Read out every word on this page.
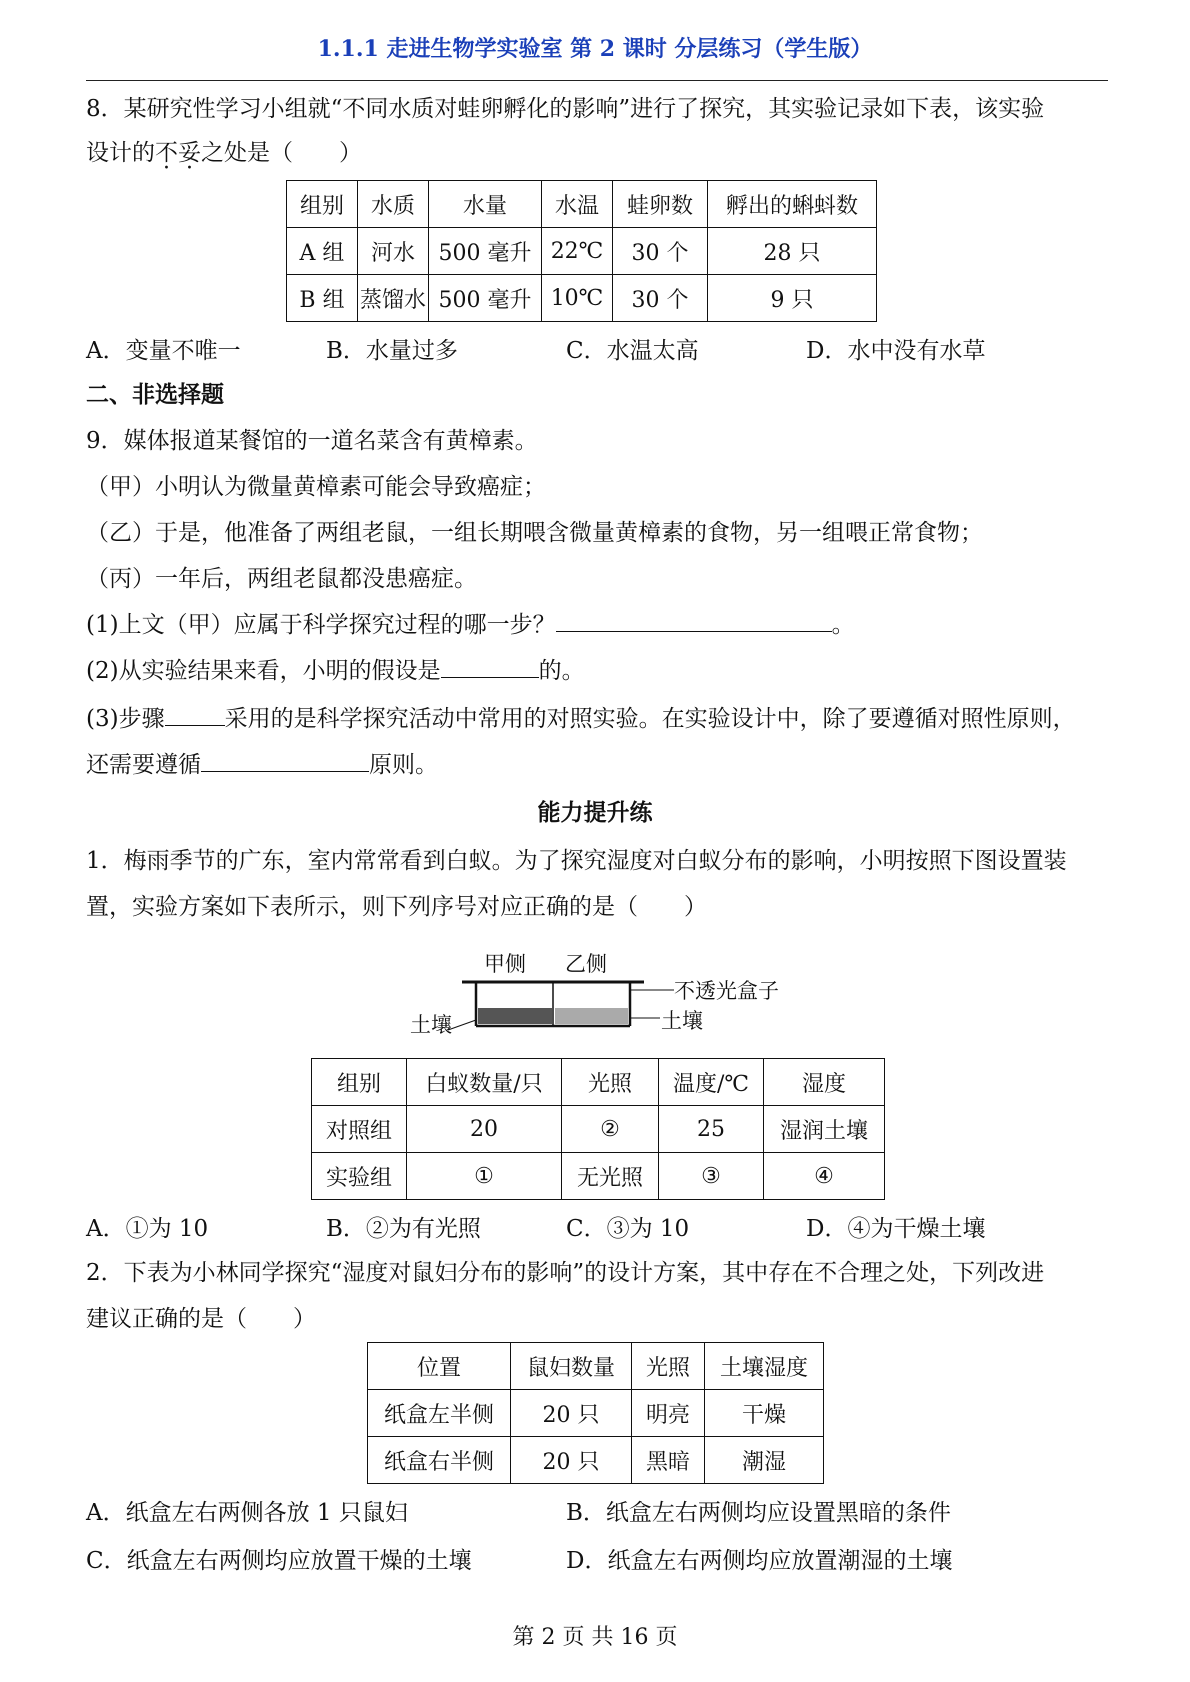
1.1.1 走进生物学实验室 第 2 课时 分层练习（学生版）
8．某研究性学习小组就“不同水质对蛙卵孵化的影响”进行了探究，其实验记录如下表，该实验
设计的不妥之处是（　　）
组别	水质	水量	水温	蛙卵数	孵出的蝌蚪数
A 组	河水	500 毫升	22℃	30 个	28 只
B 组	蒸馏水	500 毫升	10℃	30 个	9 只
A．变量不唯一	B．水量过多	C．水温太高	D．水中没有水草
二、非选择题
9．媒体报道某餐馆的一道名菜含有黄樟素。
（甲）小明认为微量黄樟素可能会导致癌症；
（乙）于是，他准备了两组老鼠，一组长期喂含微量黄樟素的食物，另一组喂正常食物；
（丙）一年后，两组老鼠都没患癌症。
(1)上文（甲）应属于科学探究过程的哪一步？	。
(2)从实验结果来看，小明的假设是	的。
(3)步骤	采用的是科学探究活动中常用的对照实验。在实验设计中，除了要遵循对照性原则，
还需要遵循	原则。
能力提升练
1．梅雨季节的广东，室内常常看到白蚁。为了探究湿度对白蚁分布的影响，小明按照下图设置装
置，实验方案如下表所示，则下列序号对应正确的是（　　）
甲侧 乙侧
不透光盒子
土壤
土壤
组别	白蚁数量/只	光照	温度/℃	湿度
对照组	20	②	25	湿润土壤
实验组	①	无光照	③	④
A．①为 10	B．②为有光照	C．③为 10	D．④为干燥土壤
2．下表为小林同学探究“湿度对鼠妇分布的影响”的设计方案，其中存在不合理之处，下列改进
建议正确的是（　　）
位置	鼠妇数量	光照	土壤湿度
纸盒左半侧	20 只	明亮	干燥
纸盒右半侧	20 只	黑暗	潮湿
A．纸盒左右两侧各放 1 只鼠妇	B．纸盒左右两侧均应设置黑暗的条件
C．纸盒左右两侧均应放置干燥的土壤	D．纸盒左右两侧均应放置潮湿的土壤
第 2 页 共 16 页
